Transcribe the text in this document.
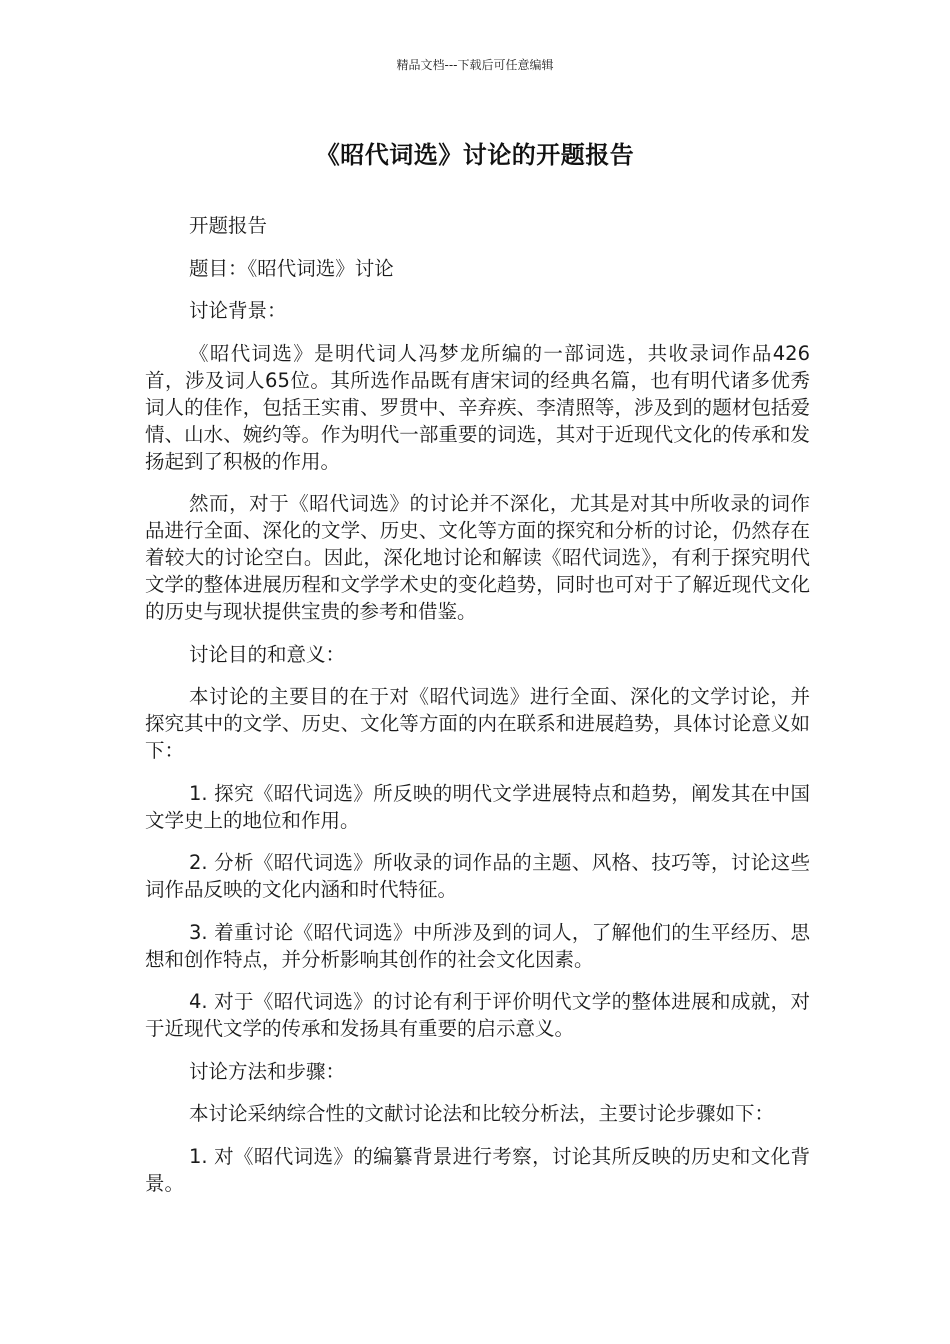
精品文档---下载后可任意编辑
《昭代词选》讨论的开题报告

开题报告

题目：《昭代词选》讨论

讨论背景：

《昭代词选》是明代词人冯梦龙所编的一部词选，共收录词作品426首，涉及词人65位。其所选作品既有唐宋词的经典名篇，也有明代诸多优秀词人的佳作，包括王实甫、罗贯中、辛弃疾、李清照等，涉及到的题材包括爱情、山水、婉约等。作为明代一部重要的词选，其对于近现代文化的传承和发扬起到了积极的作用。

然而，对于《昭代词选》的讨论并不深化，尤其是对其中所收录的词作品进行全面、深化的文学、历史、文化等方面的探究和分析的讨论，仍然存在着较大的讨论空白。因此，深化地讨论和解读《昭代词选》，有利于探究明代文学的整体进展历程和文学学术史的变化趋势，同时也可对于了解近现代文化的历史与现状提供宝贵的参考和借鉴。

讨论目的和意义：

本讨论的主要目的在于对《昭代词选》进行全面、深化的文学讨论，并探究其中的文学、历史、文化等方面的内在联系和进展趋势，具体讨论意义如下：

1. 探究《昭代词选》所反映的明代文学进展特点和趋势，阐发其在中国文学史上的地位和作用。

2. 分析《昭代词选》所收录的词作品的主题、风格、技巧等，讨论这些词作品反映的文化内涵和时代特征。

3. 着重讨论《昭代词选》中所涉及到的词人，了解他们的生平经历、思想和创作特点，并分析影响其创作的社会文化因素。

4. 对于《昭代词选》的讨论有利于评价明代文学的整体进展和成就，对于近现代文学的传承和发扬具有重要的启示意义。

讨论方法和步骤：

本讨论采纳综合性的文献讨论法和比较分析法，主要讨论步骤如下：

1. 对《昭代词选》的编纂背景进行考察，讨论其所反映的历史和文化背景。
